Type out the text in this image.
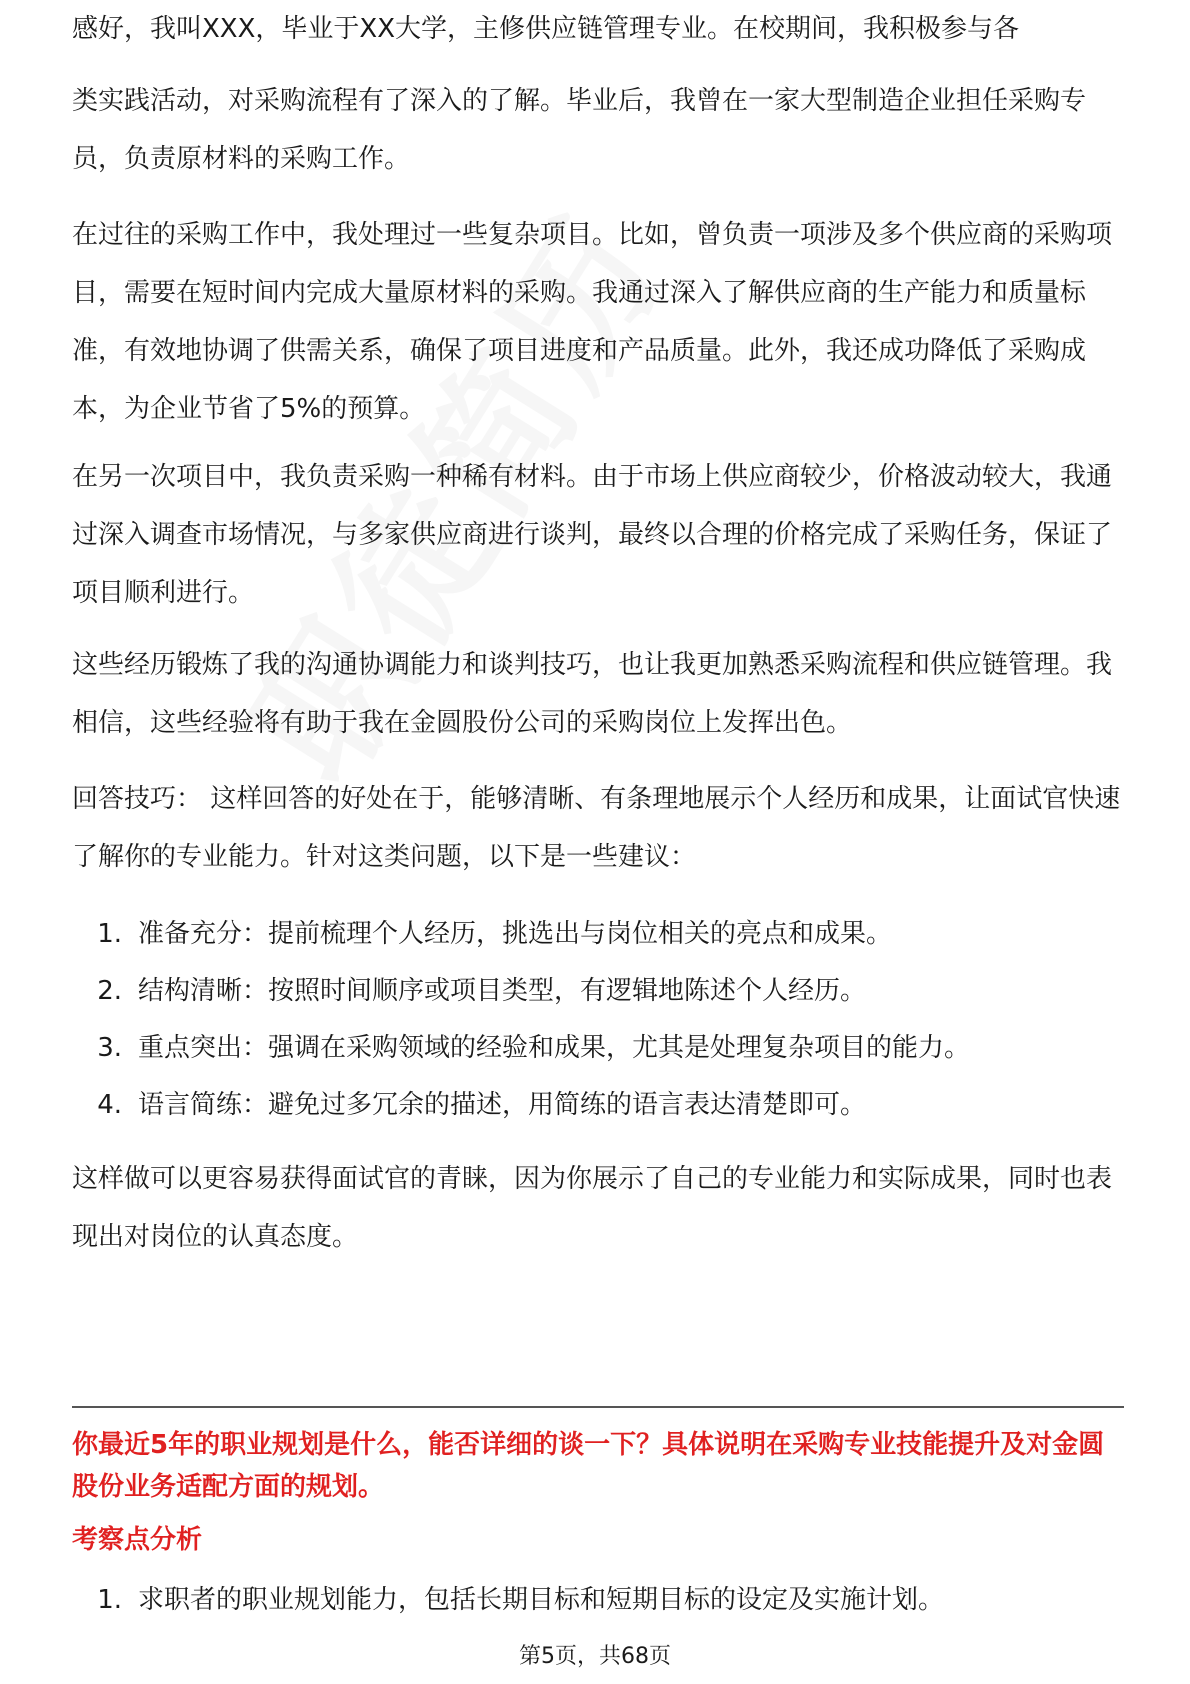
感好，我叫XXX，毕业于XX大学，主修供应链管理专业。在校期间，我积极参与各

类实践活动，对采购流程有了深入的了解。毕业后，我曾在一家大型制造企业担任采购专员，负责原材料的采购工作。

在过往的采购工作中，我处理过一些复杂项目。比如，曾负责一项涉及多个供应商的采购项目，需要在短时间内完成大量原材料的采购。我通过深入了解供应商的生产能力和质量标准，有效地协调了供需关系，确保了项目进度和产品质量。此外，我还成功降低了采购成本，为企业节省了5%的预算。

在另一次项目中，我负责采购一种稀有材料。由于市场上供应商较少，价格波动较大，我通过深入调查市场情况，与多家供应商进行谈判，最终以合理的价格完成了采购任务，保证了项目顺利进行。

这些经历锻炼了我的沟通协调能力和谈判技巧，也让我更加熟悉采购流程和供应链管理。我相信，这些经验将有助于我在金圆股份公司的采购岗位上发挥出色。

回答技巧： 这样回答的好处在于，能够清晰、有条理地展示个人经历和成果，让面试官快速了解你的专业能力。针对这类问题，以下是一些建议：

1. 准备充分：提前梳理个人经历，挑选出与岗位相关的亮点和成果。
2. 结构清晰：按照时间顺序或项目类型，有逻辑地陈述个人经历。
3. 重点突出：强调在采购领域的经验和成果，尤其是处理复杂项目的能力。
4. 语言简练：避免过多冗余的描述，用简练的语言表达清楚即可。

这样做可以更容易获得面试官的青睐，因为你展示了自己的专业能力和实际成果，同时也表现出对岗位的认真态度。

你最近5年的职业规划是什么，能否详细的谈一下？具体说明在采购专业技能提升及对金圆股份业务适配方面的规划。

考察点分析

1. 求职者的职业规划能力，包括长期目标和短期目标的设定及实施计划。
第5页，共68页
